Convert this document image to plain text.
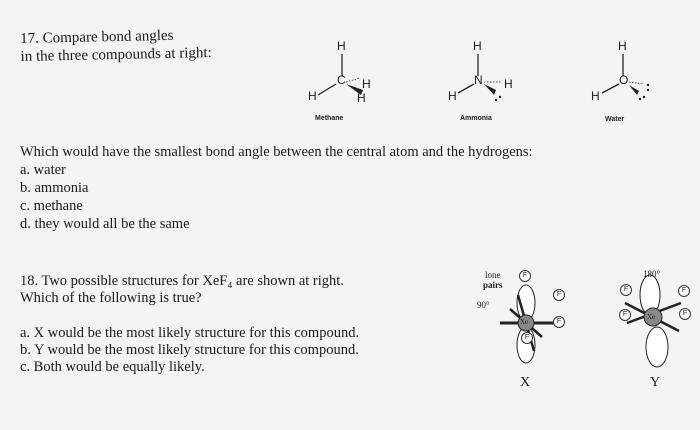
17. Compare bond angles
in the three compounds at right:	H
C
H
H
H
Methane
H
N
H
H
Ammonia
H
O
H
Water
Which would have the smallest bond angle between the central atom and the hydrogens:
a. water
b. ammonia
c. methane
d. they would all be the same
18. Two possible structures for XeF₄ are shown at right.
Which of the following is true?
a. X would be the most likely structure for this compound.
b. Y would be the most likely structure for this compound.
c. Both would be equally likely.
lone
pairs
90°
F
F
F
F
Xe
X
180°
F	F
F	F
Xe
Y
